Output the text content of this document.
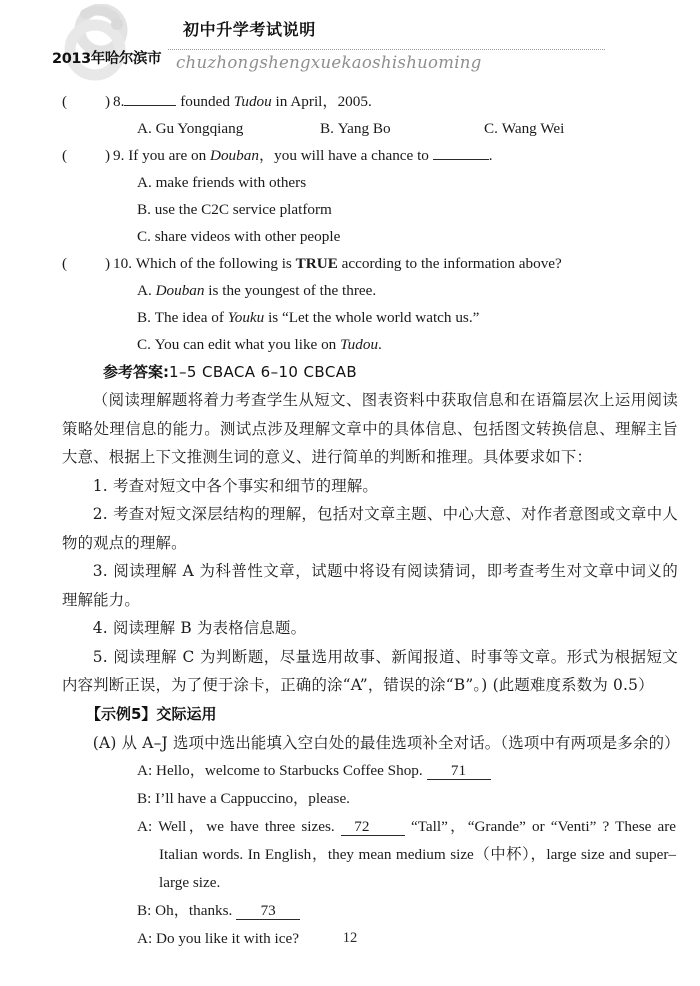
2013年哈尔滨市
初中升学考试说明
chuzhongshengxuekaoshishuoming
( ) 8.	founded Tudou in April，2005.
A. Gu Yongqiang	B. Yang Bo	C. Wang Wei
( ) 9. If you are on Douban，you will have a chance to	.
A. make friends with others
B. use the C2C service platform
C. share videos with other people
( ) 10. Which of the following is TRUE according to the information above?
A. Douban is the youngest of the three.
B. The idea of Youku is “Let the whole world watch us.”
C. You can edit what you like on Tudou.
参考答案:1–5 CBACA 6–10 CBCAB

（阅读理解题将着力考查学生从短文、图表资料中获取信息和在语篇层次上运用阅读策略处理信息的能力。测试点涉及理解文章中的具体信息、包括图文转换信息、理解主旨大意、根据上下文推测生词的意义、进行简单的判断和推理。具体要求如下：

1. 考查对短文中各个事实和细节的理解。

2. 考查对短文深层结构的理解，包括对文章主题、中心大意、对作者意图或文章中人物的观点的理解。

3. 阅读理解 A 为科普性文章，试题中将设有阅读猜词，即考查考生对文章中词义的理解能力。

4. 阅读理解 B 为表格信息题。

5. 阅读理解 C 为判断题，尽量选用故事、新闻报道、时事等文章。形式为根据短文内容判断正误，为了便于涂卡，正确的涂“A”，错误的涂“B”。) (此题难度系数为 0.5）

【示例5】交际运用

(A) 从 A–J 选项中选出能填入空白处的最佳选项补全对话。（选项中有两项是多余的）

A: Hello，welcome to Starbucks Coffee Shop. 71

B: I’ll have a Cappuccino，please.

A: Well，we have three sizes. 72	“Tall”，“Grande” or “Venti” ? These are Italian words. In English，they mean medium size（中杯），large size and super–large size.

B: Oh，thanks. 73

A: Do you like it with ice?	12
